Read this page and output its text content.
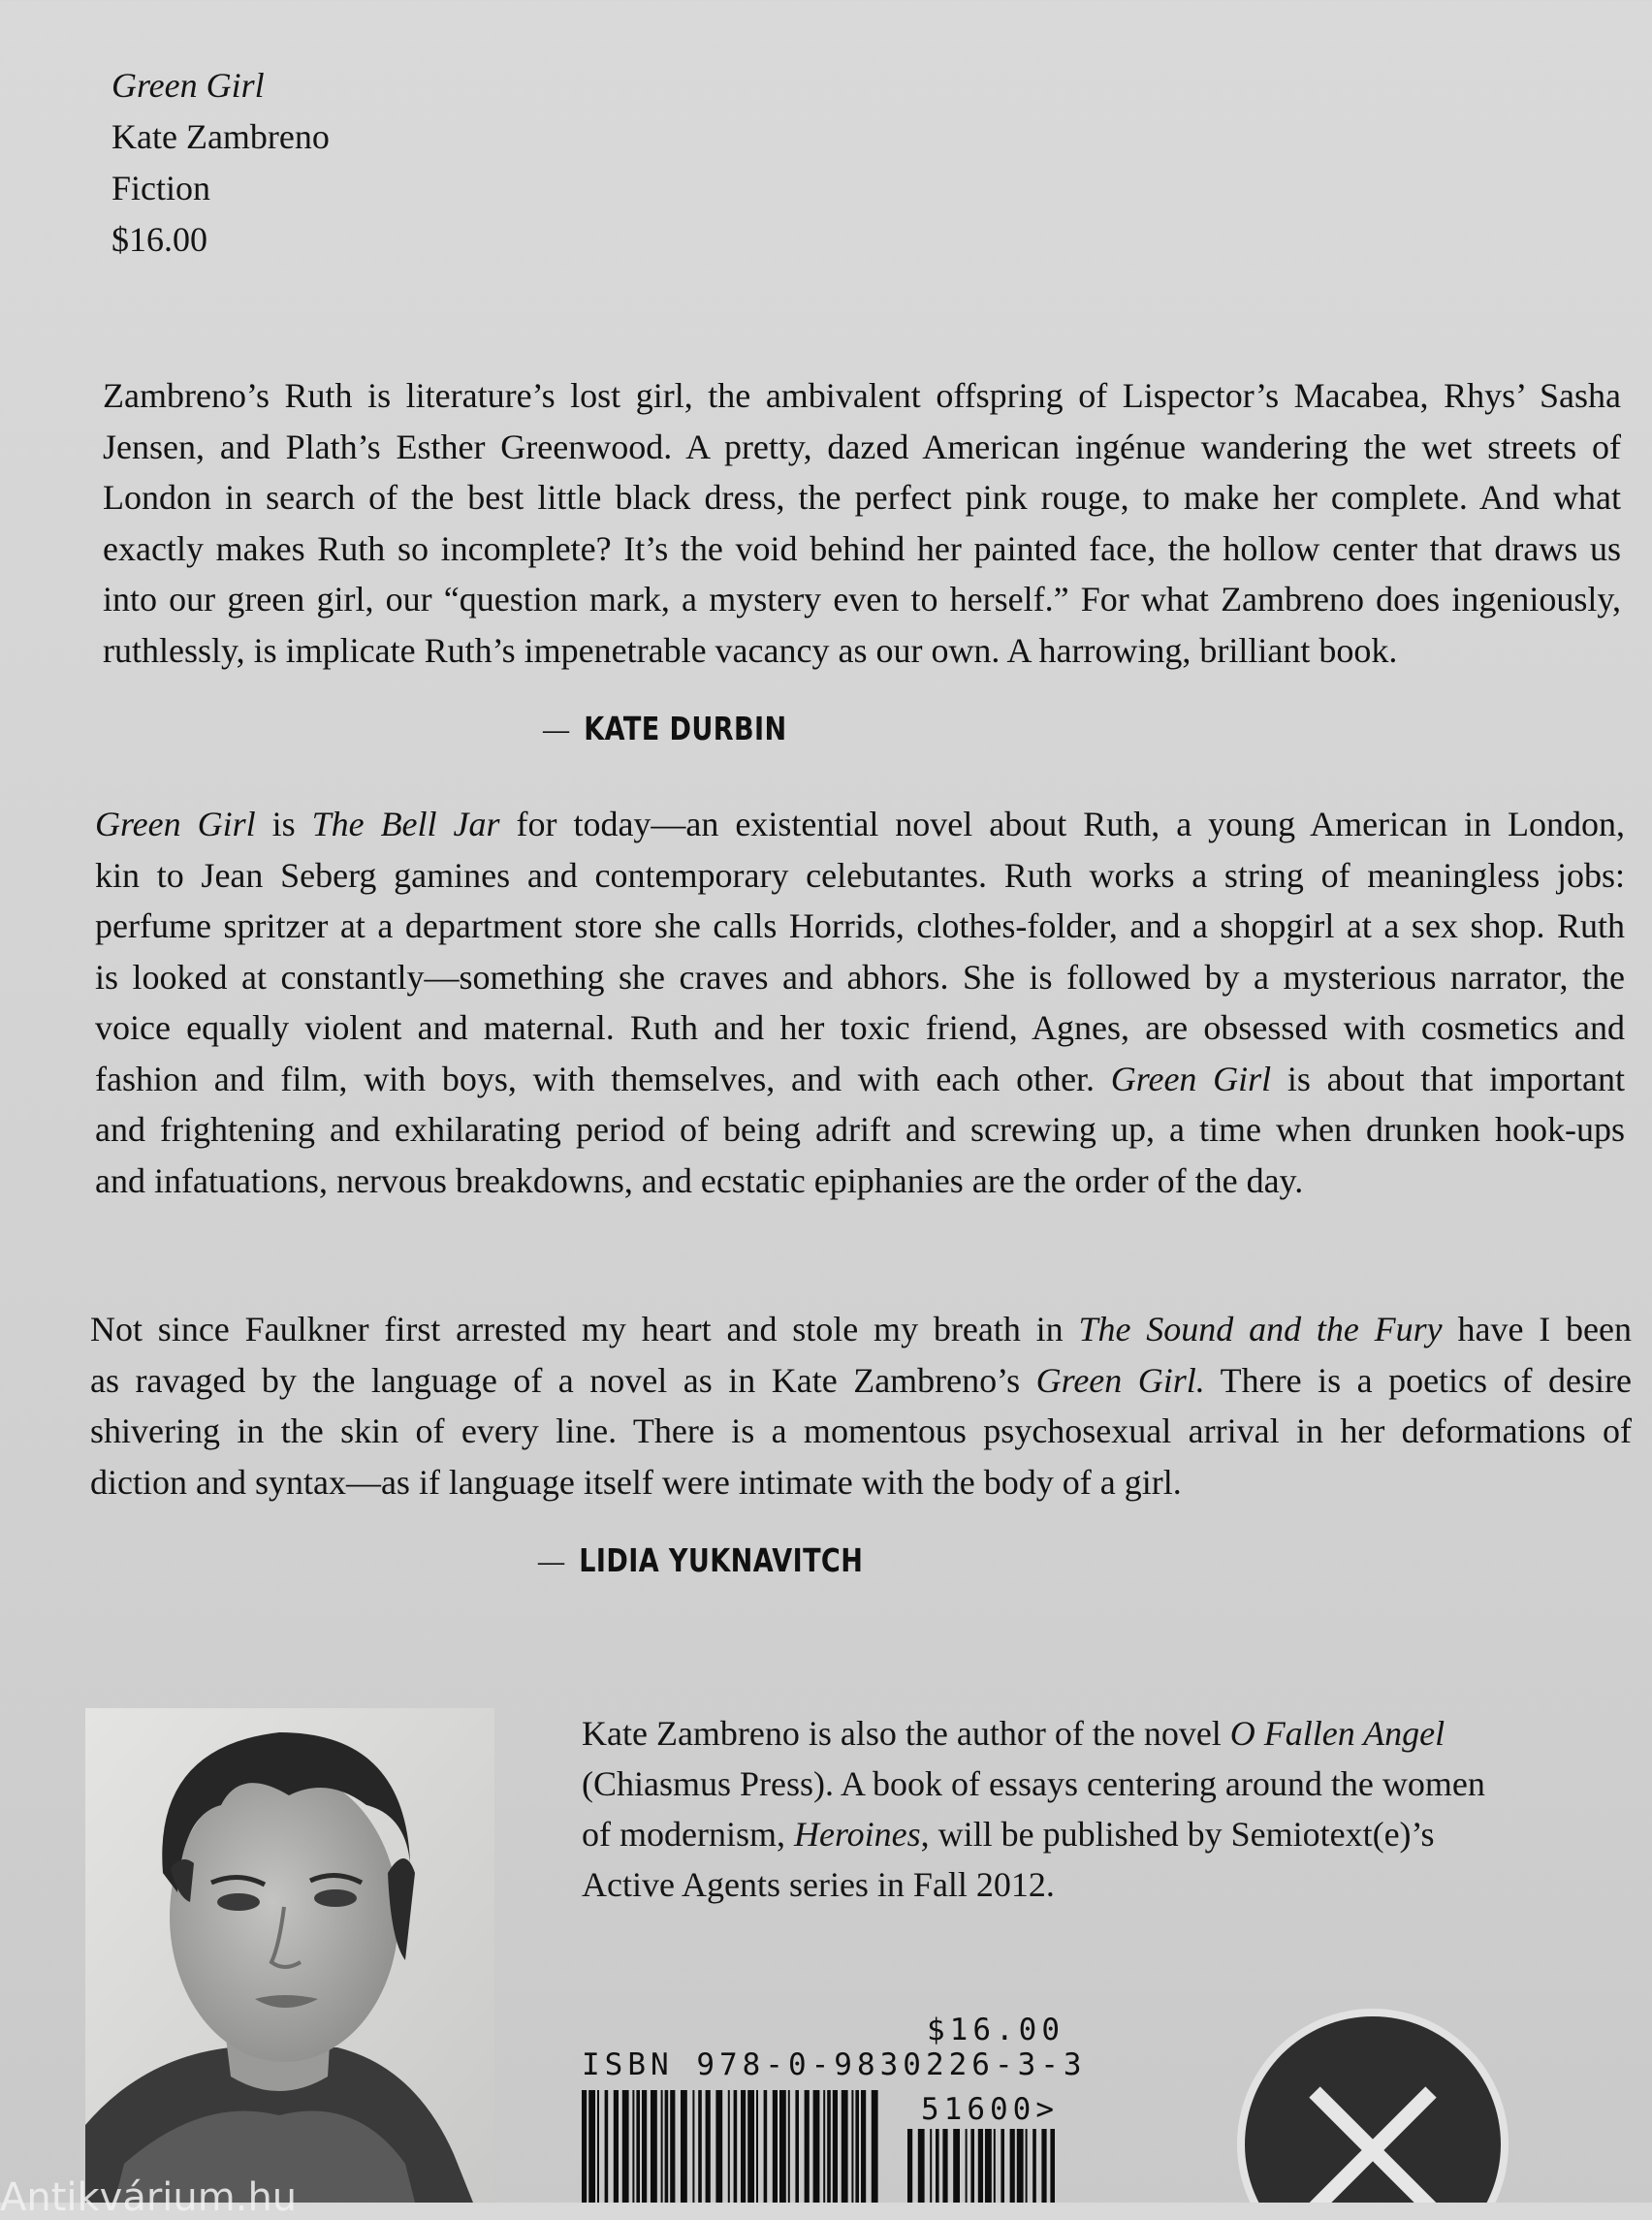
Green Girl
Kate Zambreno
Fiction
$16.00
Zambreno’s Ruth is literature’s lost girl, the ambivalent offspring of Lispector’s Macabea, Rhys’ Sasha
Jensen, and Plath’s Esther Greenwood. A pretty, dazed American ingénue wandering the wet streets of
London in search of the best little black dress, the perfect pink rouge, to make her complete. And what
exactly makes Ruth so incomplete? It’s the void behind her painted face, the hollow center that draws us
into our green girl, our “question mark, a mystery even to herself.” For what Zambreno does ingeniously,
ruthlessly, is implicate Ruth’s impenetrable vacancy as our own. A harrowing, brilliant book.
— KATE DURBIN
Green Girl is The Bell Jar for today—an existential novel about Ruth, a young American in London,
kin to Jean Seberg gamines and contemporary celebutantes. Ruth works a string of meaningless jobs:
perfume spritzer at a department store she calls Horrids, clothes-folder, and a shopgirl at a sex shop. Ruth
is looked at constantly—something she craves and abhors. She is followed by a mysterious narrator, the
voice equally violent and maternal. Ruth and her toxic friend, Agnes, are obsessed with cosmetics and
fashion and film, with boys, with themselves, and with each other. Green Girl is about that important
and frightening and exhilarating period of being adrift and screwing up, a time when drunken hook-ups
and infatuations, nervous breakdowns, and ecstatic epiphanies are the order of the day.
Not since Faulkner first arrested my heart and stole my breath in The Sound and the Fury have I been
as ravaged by the language of a novel as in Kate Zambreno’s Green Girl. There is a poetics of desire
shivering in the skin of every line. There is a momentous psychosexual arrival in her deformations of
diction and syntax—as if language itself were intimate with the body of a girl.
— LIDIA YUKNAVITCH
Kate Zambreno is also the author of the novel O Fallen Angel
(Chiasmus Press). A book of essays centering around the women
of modernism, Heroines, will be published by Semiotext(e)’s
Active Agents series in Fall 2012.
$16.00
ISBN 978-0-9830226-3-3
51600>
Antikvárium.hu
